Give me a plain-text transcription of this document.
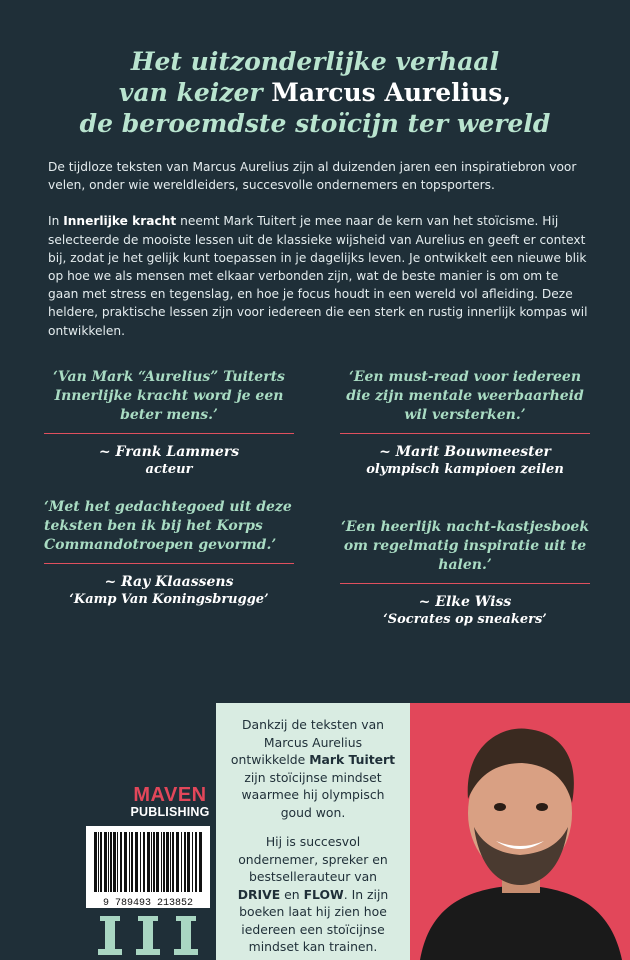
Het uitzonderlijke verhaal
van keizer Marcus Aurelius,
de beroemdste stoïcijn ter wereld

De tijdloze teksten van Marcus Aurelius zijn al duizenden jaren een inspiratiebron voor velen, onder wie wereldleiders, succesvolle ondernemers en topsporters.

In Innerlijke kracht neemt Mark Tuitert je mee naar de kern van het stoïcisme. Hij selecteerde de mooiste lessen uit de klassieke wijsheid van Aurelius en geeft er context bij, zodat je het gelijk kunt toepassen in je dagelijks leven. Je ontwikkelt een nieuwe blik op hoe we als mensen met elkaar verbonden zijn, wat de beste manier is om om te gaan met stress en tegenslag, en hoe je focus houdt in een wereld vol afleiding. Deze heldere, praktische lessen zijn voor iedereen die een sterk en rustig innerlijk kompas wil ontwikkelen.

‘Van Mark “Aurelius” Tuiterts Innerlijke kracht word je een beter mens.’
~ Frank Lammers
acteur
‘Een must-read voor iedereen die zijn mentale weerbaarheid wil versterken.’
~ Marit Bouwmeester
olympisch kampioen zeilen
‘Met het gedachtegoed uit deze teksten ben ik bij het Korps Commandotroepen gevormd.’
~ Ray Klaassens
‘Kamp Van Koningsbrugge’
‘Een heerlijk nacht-kastjesboek om regelmatig inspiratie uit te halen.’
~ Elke Wiss
‘Socrates op sneakers’
MAVEN
PUBLISHING
9 789493 213852

Dankzij de teksten van Marcus Aurelius ontwikkelde Mark Tuitert zijn stoïcijnse mindset waarmee hij olympisch goud won.

Hij is succesvol ondernemer, spreker en bestsellerauteur van DRIVE en FLOW. In zijn boeken laat hij zien hoe iedereen een stoïcijnse mindset kan trainen.
